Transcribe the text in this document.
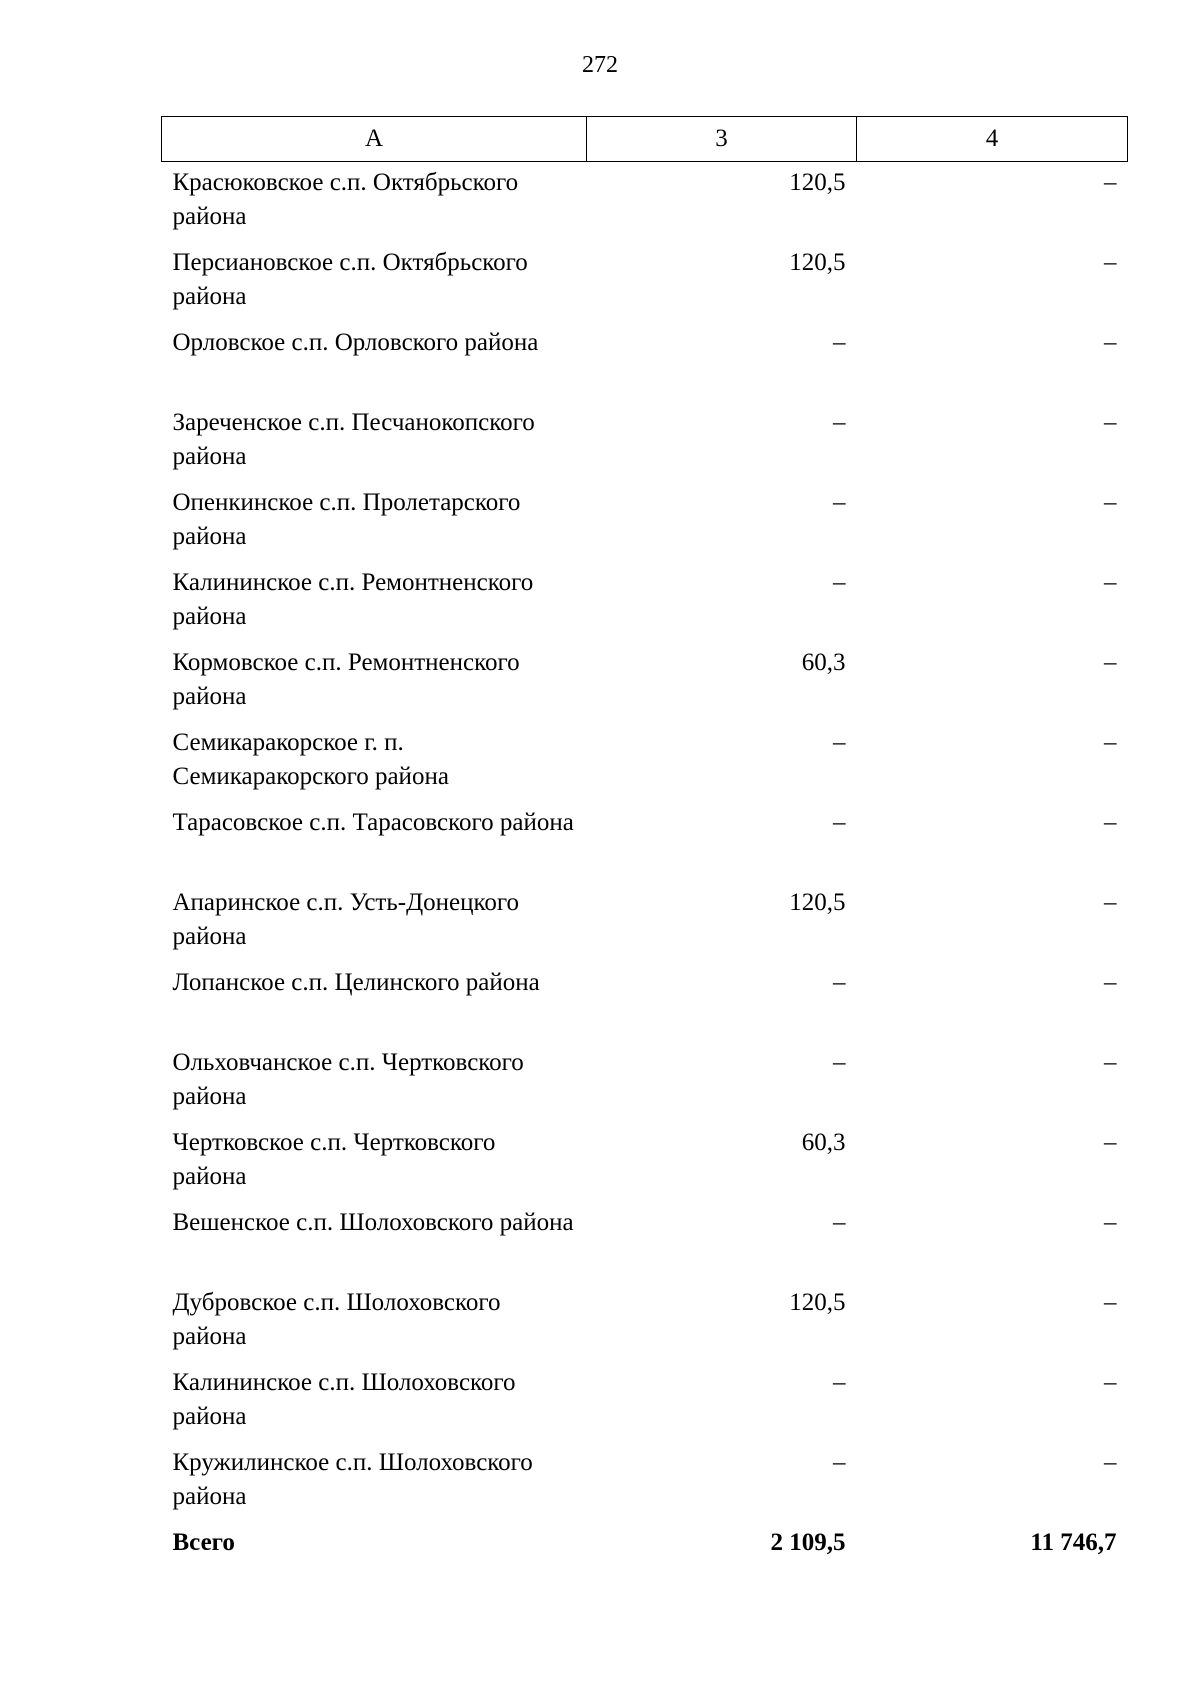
272
А	3	4
Красюковское с.п. Октябрьского района	120,5	–
Персиановское с.п. Октябрьского района	120,5	–
Орловское с.п. Орловского района	–	–
Зареченское с.п. Песчанокопского района	–	–
Опенкинское с.п. Пролетарского района	–	–
Калининское с.п. Ремонтненского района	–	–
Кормовское с.п. Ремонтненского района	60,3	–
Семикаракорское г. п. Семикаракорского района	–	–
Тарасовское с.п. Тарасовского района	–	–
Апаринское с.п. Усть-Донецкого района	120,5	–
Лопанское с.п. Целинского района	–	–
Ольховчанское с.п. Чертковского района	–	–
Чертковское с.п. Чертковского района	60,3	–
Вешенское с.п. Шолоховского района	–	–
Дубровское с.п. Шолоховского района	120,5	–
Калининское с.п. Шолоховского района	–	–
Кружилинское с.п. Шолоховского района	–	–
Всего	2 109,5	11 746,7
